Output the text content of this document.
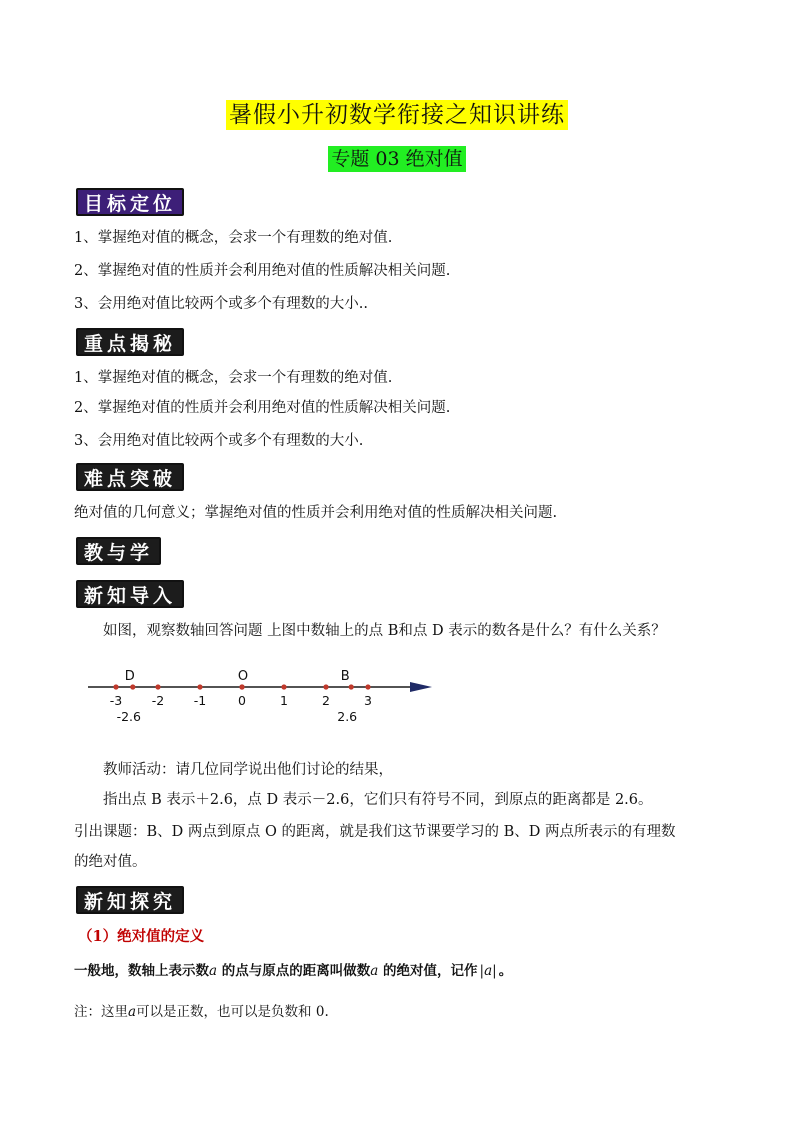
暑假小升初数学衔接之知识讲练
专题 03 绝对值
目标定位
1、掌握绝对值的概念，会求一个有理数的绝对值.
2、掌握绝对值的性质并会利用绝对值的性质解决相关问题.
3、会用绝对值比较两个或多个有理数的大小..
重点揭秘
1、掌握绝对值的概念，会求一个有理数的绝对值.
2、掌握绝对值的性质并会利用绝对值的性质解决相关问题.
3、会用绝对值比较两个或多个有理数的大小.
难点突破
绝对值的几何意义；掌握绝对值的性质并会利用绝对值的性质解决相关问题.
教与学
新知导入
如图，观察数轴回答问题 上图中数轴上的点 B和点 D 表示的数各是什么？有什么关系？
-3 -2 -1	0	1	2	3
D
-2.6
O	B
2.6
教师活动：请几位同学说出他们讨论的结果，
指出点 B 表示＋2.6，点 D 表示－2.6，它们只有符号不同，到原点的距离都是 2.6。
引出课题：B、D 两点到原点 O 的距离，就是我们这节课要学习的 B、D 两点所表示的有理数
的绝对值。
新知探究
（1）绝对值的定义
一般地，数轴上表示数a 的点与原点的距离叫做数a 的绝对值，记作| a | 。
注：这里a可以是正数，也可以是负数和 0.
